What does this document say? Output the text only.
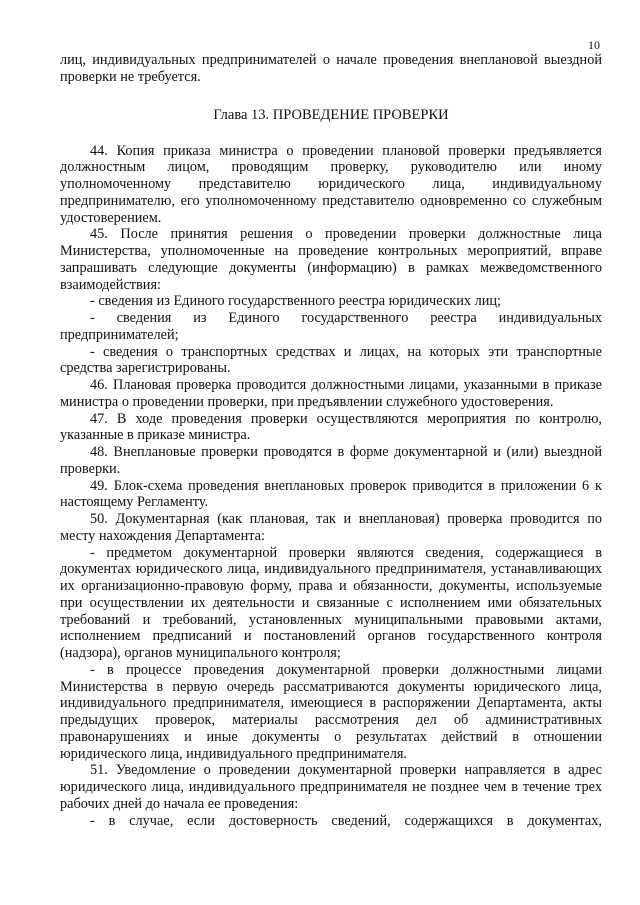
10

лиц, индивидуальных предпринимателей о начале проведения внеплановой выездной проверки не требуется.

Глава 13. ПРОВЕДЕНИЕ ПРОВЕРКИ

44. Копия приказа министра о проведении плановой проверки предъявляется должностным лицом, проводящим проверку, руководителю или иному уполномоченному представителю юридического лица, индивидуальному предпринимателю, его уполномоченному представителю одновременно со служебным удостоверением.

45. После принятия решения о проведении проверки должностные лица Министерства, уполномоченные на проведение контрольных мероприятий, вправе запрашивать следующие документы (информацию) в рамках межведомственного взаимодействия:

- сведения из Единого государственного реестра юридических лиц;

- сведения из Единого государственного реестра индивидуальных предпринимателей;

- сведения о транспортных средствах и лицах, на которых эти транспортные средства зарегистрированы.

46. Плановая проверка проводится должностными лицами, указанными в приказе министра о проведении проверки, при предъявлении служебного удостоверения.

47. В ходе проведения проверки осуществляются мероприятия по контролю, указанные в приказе министра.

48. Внеплановые проверки проводятся в форме документарной и (или) выездной проверки.

49. Блок-схема проведения внеплановых проверок приводится в приложении 6 к настоящему Регламенту.

50. Документарная (как плановая, так и внеплановая) проверка проводится по месту нахождения Департамента:

- предметом документарной проверки являются сведения, содержащиеся в документах юридического лица, индивидуального предпринимателя, устанавливающих их организационно-правовую форму, права и обязанности, документы, используемые при осуществлении их деятельности и связанные с исполнением ими обязательных требований и требований, установленных муниципальными правовыми актами, исполнением предписаний и постановлений органов государственного контроля (надзора), органов муниципального контроля;

- в процессе проведения документарной проверки должностными лицами Министерства в первую очередь рассматриваются документы юридического лица, индивидуального предпринимателя, имеющиеся в распоряжении Департамента, акты предыдущих проверок, материалы рассмотрения дел об административных правонарушениях и иные документы о результатах действий в отношении юридического лица, индивидуального предпринимателя.

51. Уведомление о проведении документарной проверки направляется в адрес юридического лица, индивидуального предпринимателя не позднее чем в течение трех рабочих дней до начала ее проведения:

- в случае, если достоверность сведений, содержащихся в документах,
